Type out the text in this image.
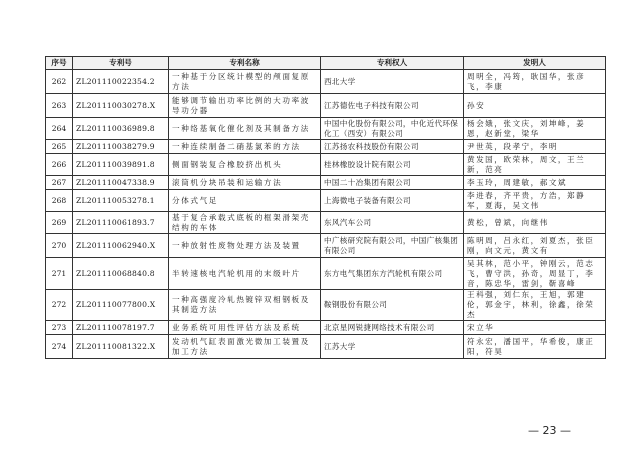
序号	专利号	专利名称	专利权人	发明人
262	ZL201110022354.2	一种基于分区统计模型的颅面复原方法	西北大学	周明全，冯筠，耿国华，张彦飞，李康
263	ZL201110030278.X	能够调节输出功率比例的大功率波导功分器	江苏德佐电子科技有限公司	孙安
264	ZL201110036989.8	一种络基氧化催化剂及其制备方法	中国中化股份有限公司，中化近代环保化工（西安）有限公司	杨会娥，张文庆，刘坤峰，姜恩，赵新堂，梁华
265	ZL201110038279.9	一种连续制备二硝基氯苯的方法	江苏扬农科技股份有限公司	尹世英，段孝宁，李明
266	ZL201110039891.8	侧面钢装复合橡胶挤出机头	桂林橡胶设计院有限公司	黄发国，欧荣林，周文，王兰新，范亮
267	ZL201110047338.9	滚筒机分块吊装和运输方法	中国二十冶集团有限公司	李玉玲，周建敏，郝文斌
268	ZL201110053278.1	分体式气足	上海微电子装备有限公司	李进春，齐平贵，方浩，郑静军，夏海，吴文伟
269	ZL201110061893.7	基于复合承载式底板的框架滑架壳结构的车体	东风汽车公司	黄松，曾斌，向继伟
270	ZL201110062940.X	一种放射性废物处理方法及装置	中广核研究院有限公司，中国广核集团有限公司	陈明周，吕永红，刘夏杰，张臣刚，向文元，黄文有
271	ZL201110068840.8	半转速核电汽轮机用的末级叶片	东方电气集团东方汽轮机有限公司	吴其林，范小平，钟刚云，范志飞，曹守洪，孙奇，周显丁，李音，陈忠华，雷剑，靳喜峰
272	ZL201110077800.X	一种高强度冷轧热镀锌双相钢板及其制造方法	鞍钢股份有限公司	王科强，刘仁东，王旭，郭建伦，郭金宇，林利，徐鑫，徐荣杰
273	ZL201110078197.7	业务系统可用性评估方法及系统	北京星网锐捷网络技术有限公司	宋立华
274	ZL201110081322.X	发动机气缸表面激光微加工装置及加工方法	江苏大学	符永宏，潘国平，华希俊，康正阳，符昊
— 23 —
